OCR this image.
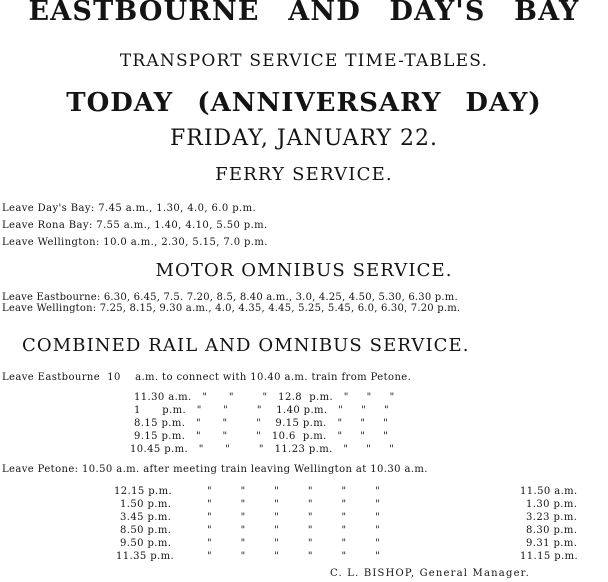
EASTBOURNE AND DAY'S BAY
TRANSPORT SERVICE TIME-TABLES.
TODAY (ANNIVERSARY DAY)
FRIDAY, JANUARY 22.
FERRY SERVICE.
Leave Day's Bay: 7.45 a.m., 1.30, 4.0, 6.0 p.m.
Leave Rona Bay: 7.55 a.m., 1.40, 4.10, 5.50 p.m.
Leave Wellington: 10.0 a.m., 2.30, 5.15, 7.0 p.m.
MOTOR OMNIBUS SERVICE.
Leave Eastbourne: 6.30, 6.45, 7.5. 7.20, 8.5, 8.40 a.m., 3.0, 4.25, 4.50, 5.30, 6.30 p.m.
Leave Wellington: 7.25, 8.15, 9.30 a.m., 4.0, 4.35, 4.45, 5.25, 5.45, 6.0, 6.30, 7.20 p.m.
COMBINED RAIL AND OMNIBUS SERVICE.
Leave Eastbourne  10    a.m. to connect with 10.40 a.m. train from Petone.
11.30 a.m.   "      "        "   12.8  p.m.   "     "     "
1      p.m.   "      "        "    1.40 p.m.   "     "     "
8.15 p.m.   "      "        "    9.15 p.m.   "     "     "
9.15 p.m.   "      "        "   10.6  p.m.   "     "     "
10.45 p.m.   "      "        "   11.23 p.m.   "     "     "
Leave Petone: 10.50 a.m. after meeting train leaving Wellington at 10.30 a.m.
12.15 p.m.
1.50 p.m.
3.45 p.m.
8.50 p.m.
9.50 p.m.
11.35 p.m.
"        "        "        "        "        "
"        "        "        "        "        "
"        "        "        "        "        "
"        "        "        "        "        "
"        "        "        "        "        "
"        "        "        "        "        "
11.50 a.m.
1.30 p.m.
3.23 p.m.
8.30 p.m.
9.31 p.m.
11.15 p.m.
C. L. BISHOP, General Manager.
